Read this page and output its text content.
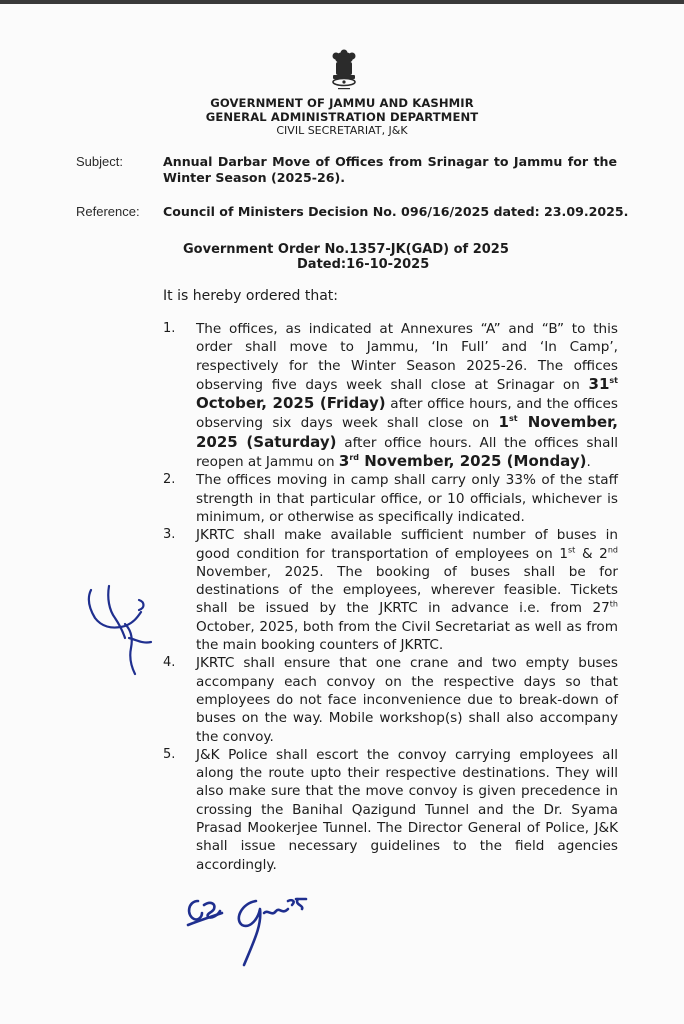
GOVERNMENT OF JAMMU AND KASHMIR
GENERAL ADMINISTRATION DEPARTMENT
CIVIL SECRETARIAT, J&K
Subject:	Annual Darbar Move of Offices from Srinagar to Jammu for the Winter Season (2025-26).
Reference: Council of Ministers Decision No. 096/16/2025 dated: 23.09.2025.
Government Order No.1357-JK(GAD) of 2025
Dated:16-10-2025
It is hereby ordered that:

1. The offices, as indicated at Annexures “A” and “B” to this order shall move to Jammu, ‘In Full’ and ‘In Camp’, respectively for the Winter Season 2025-26. The offices observing five days week shall close at Srinagar on 31st October, 2025 (Friday) after office hours, and the offices observing six days week shall close on 1st November, 2025 (Saturday) after office hours. All the offices shall reopen at Jammu on 3rd November, 2025 (Monday).

2. The offices moving in camp shall carry only 33% of the staff strength in that particular office, or 10 officials, whichever is minimum, or otherwise as specifically indicated.

3. JKRTC shall make available sufficient number of buses in good condition for transportation of employees on 1st & 2nd November, 2025. The booking of buses shall be for destinations of the employees, wherever feasible. Tickets shall be issued by the JKRTC in advance i.e. from 27th October, 2025, both from the Civil Secretariat as well as from the main booking counters of JKRTC.

4. JKRTC shall ensure that one crane and two empty buses accompany each convoy on the respective days so that employees do not face inconvenience due to break-down of buses on the way. Mobile workshop(s) shall also accompany the convoy.

5. J&K Police shall escort the convoy carrying employees all along the route upto their respective destinations. They will also make sure that the move convoy is given precedence in crossing the Banihal Qazigund Tunnel and the Dr. Syama Prasad Mookerjee Tunnel. The Director General of Police, J&K shall issue necessary guidelines to the field agencies accordingly.
